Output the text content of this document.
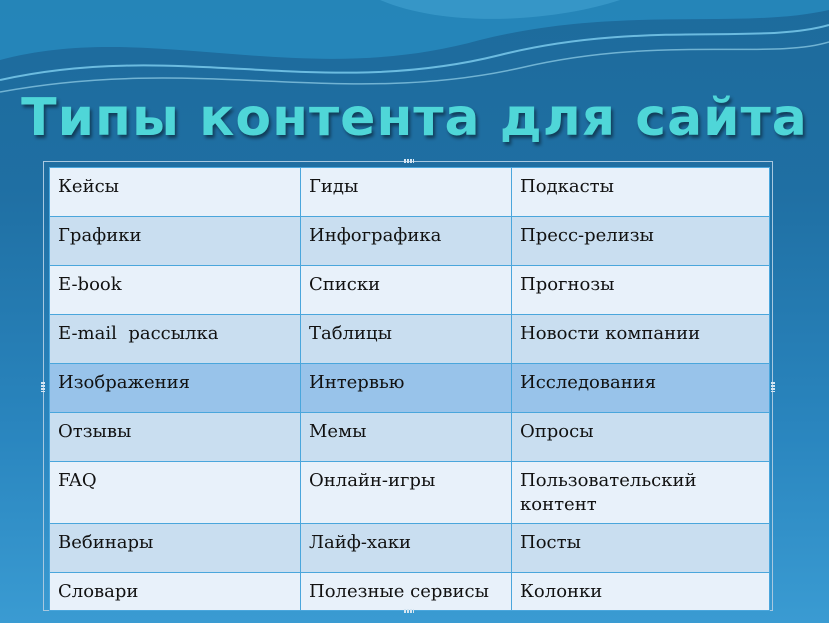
Типы контента для сайта
Кейсы	Гиды	Подкасты
Графики	Инфографика	Пресс-релизы
E-book	Списки	Прогнозы
E-mail  рассылка	Таблицы	Новости компании
Изображения	Интервью	Исследования
Отзывы	Мемы	Опросы
FAQ	Онлайн-игры	Пользовательский контент
Вебинары	Лайф-хаки	Посты
Словари	Полезные сервисы	Колонки
